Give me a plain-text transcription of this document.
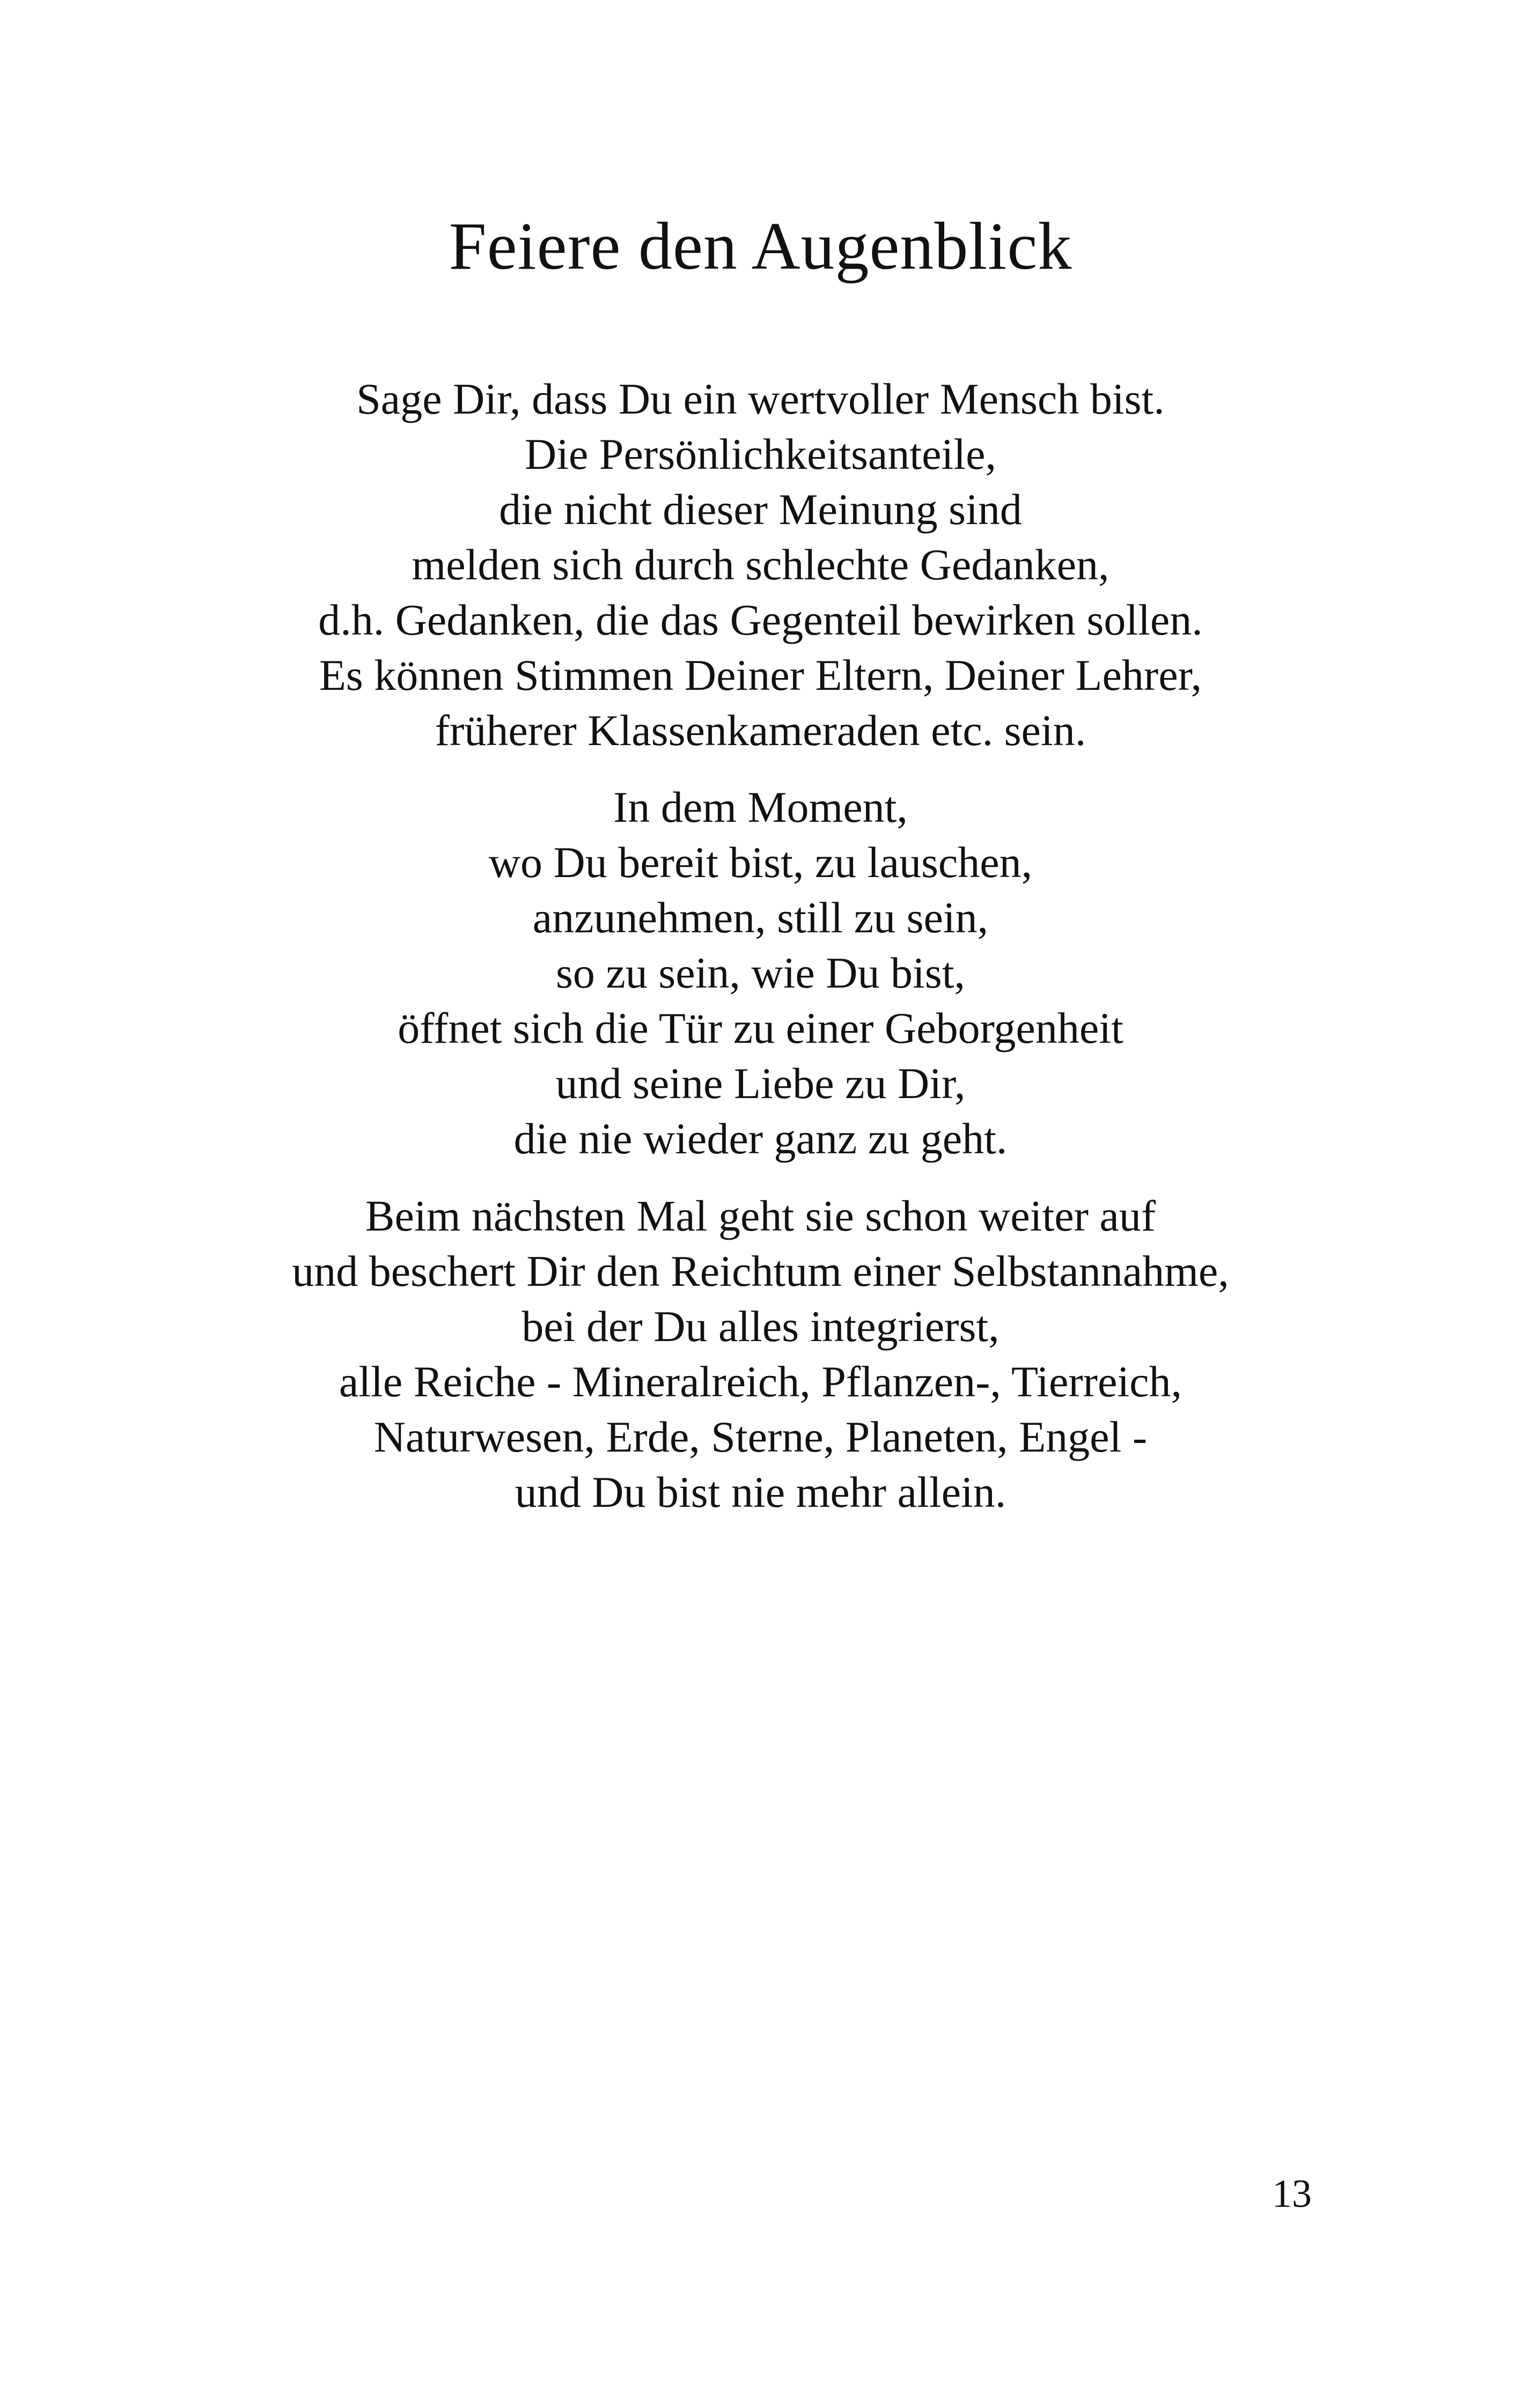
Feiere den Augenblick
Sage Dir, dass Du ein wertvoller Mensch bist.
Die Persönlichkeitsanteile,
die nicht dieser Meinung sind
melden sich durch schlechte Gedanken,
d.h. Gedanken, die das Gegenteil bewirken sollen.
Es können Stimmen Deiner Eltern, Deiner Lehrer,
früherer Klassenkameraden etc. sein.
In dem Moment,
wo Du bereit bist, zu lauschen,
anzunehmen, still zu sein,
so zu sein, wie Du bist,
öffnet sich die Tür zu einer Geborgenheit
und seine Liebe zu Dir,
die nie wieder ganz zu geht.
Beim nächsten Mal geht sie schon weiter auf
und beschert Dir den Reichtum einer Selbstannahme,
bei der Du alles integrierst,
alle Reiche - Mineralreich, Pflanzen-, Tierreich,
Naturwesen, Erde, Sterne, Planeten, Engel -
und Du bist nie mehr allein.
13
